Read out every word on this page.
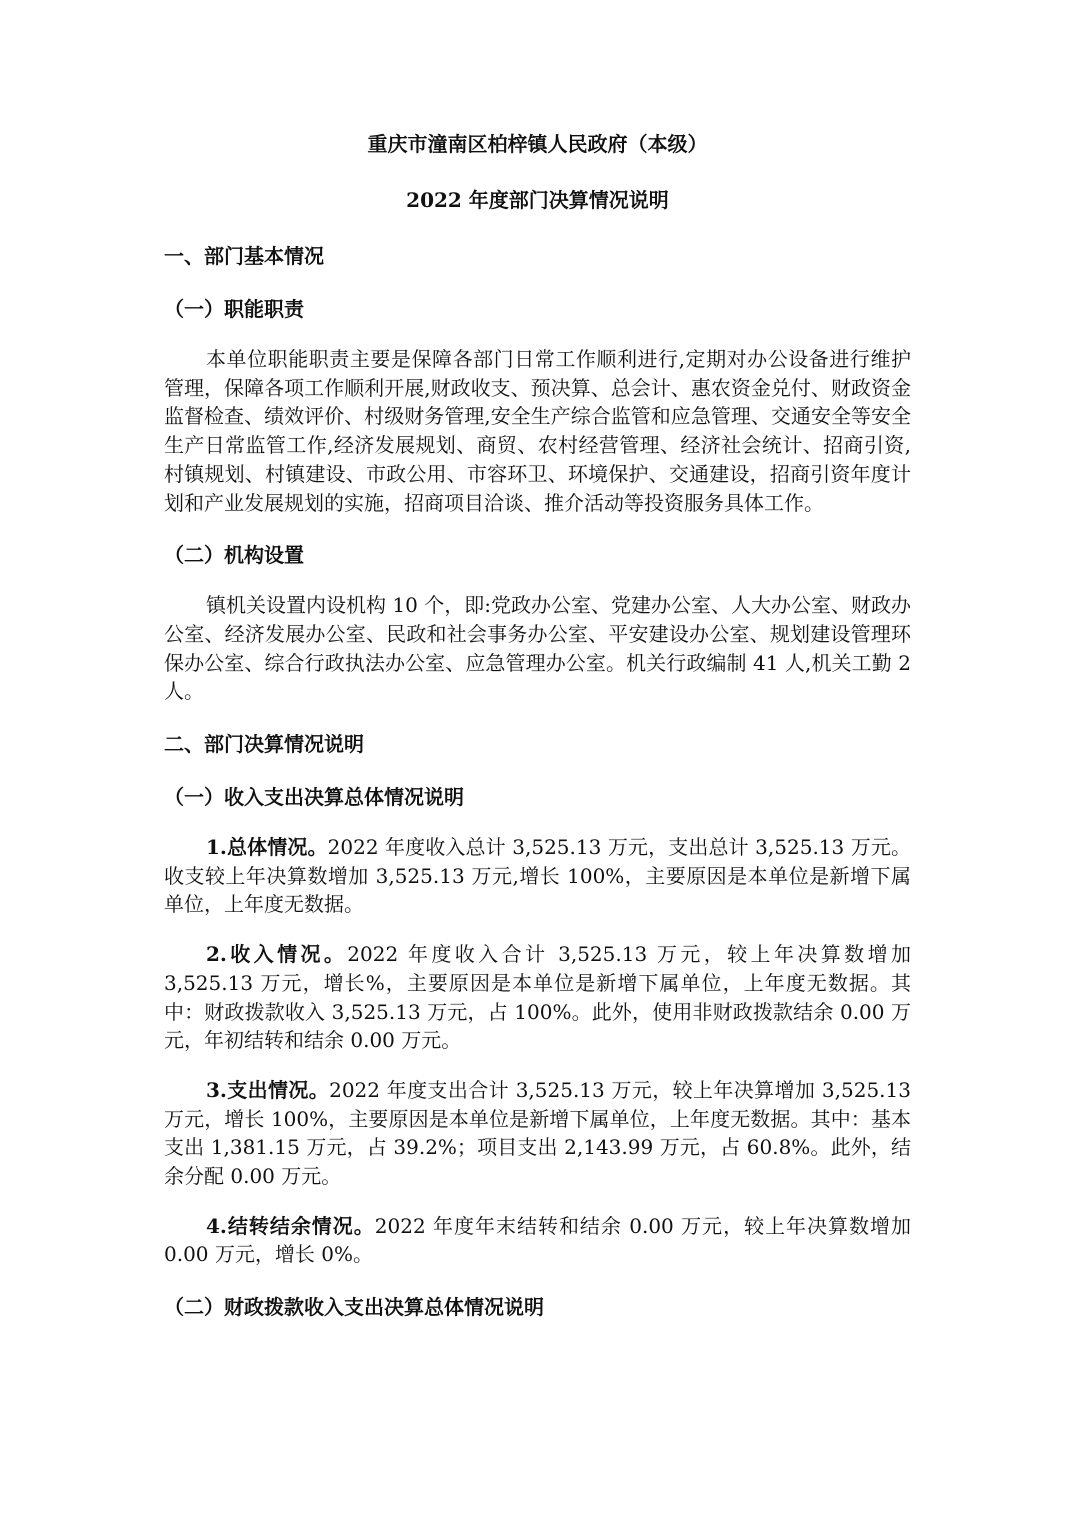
重庆市潼南区柏梓镇人民政府（本级）

2022 年度部门决算情况说明

一、部门基本情况

（一）职能职责

本单位职能职责主要是保障各部门日常工作顺利进行,定期对办公设备进行维护管理，保障各项工作顺利开展,财政收支、预决算、总会计、惠农资金兑付、财政资金监督检查、绩效评价、村级财务管理,安全生产综合监管和应急管理、交通安全等安全生产日常监管工作,经济发展规划、商贸、农村经营管理、经济社会统计、招商引资,村镇规划、村镇建设、市政公用、市容环卫、环境保护、交通建设，招商引资年度计划和产业发展规划的实施，招商项目洽谈、推介活动等投资服务具体工作。

（二）机构设置

镇机关设置内设机构 10 个，即:党政办公室、党建办公室、人大办公室、财政办公室、经济发展办公室、民政和社会事务办公室、平安建设办公室、规划建设管理环保办公室、综合行政执法办公室、应急管理办公室。机关行政编制 41 人,机关工勤 2 人。

二、部门决算情况说明

（一）收入支出决算总体情况说明

1.总体情况。2022 年度收入总计 3,525.13 万元，支出总计 3,525.13 万元。收支较上年决算数增加 3,525.13 万元,增长 100%，主要原因是本单位是新增下属单位，上年度无数据。

2.收入情况。2022 年度收入合计 3,525.13 万元，较上年决算数增加 3,525.13 万元，增长%，主要原因是本单位是新增下属单位，上年度无数据。其中：财政拨款收入 3,525.13 万元，占 100%。此外，使用非财政拨款结余 0.00 万元，年初结转和结余 0.00 万元。

3.支出情况。2022 年度支出合计 3,525.13 万元，较上年决算增加 3,525.13 万元，增长 100%，主要原因是本单位是新增下属单位，上年度无数据。其中：基本支出 1,381.15 万元，占 39.2%；项目支出 2,143.99 万元，占 60.8%。此外，结余分配 0.00 万元。

4.结转结余情况。2022 年度年末结转和结余 0.00 万元，较上年决算数增加 0.00 万元，增长 0%。

（二）财政拨款收入支出决算总体情况说明
